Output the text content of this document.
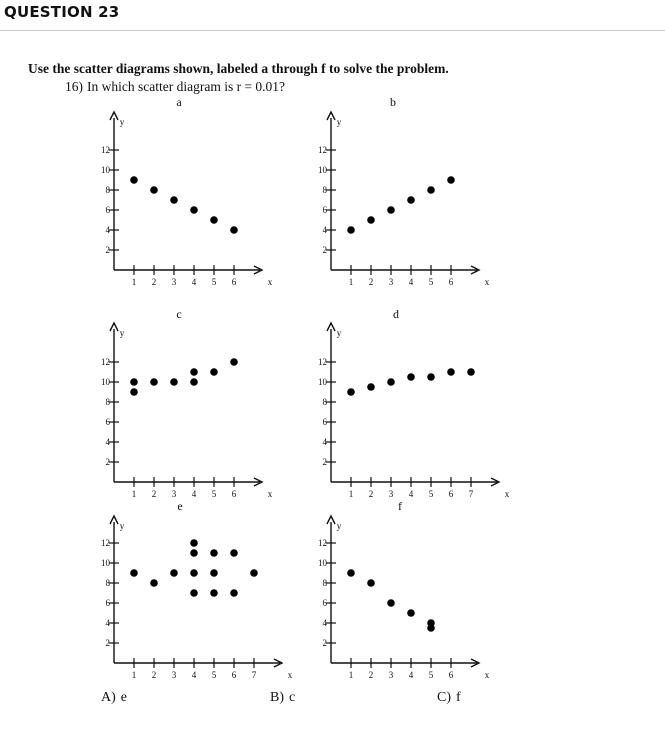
QUESTION 23
Use the scatter diagrams shown, labeled a through f to solve the problem.
16) In which scatter diagram is r = 0.01?
a
y
x
1 2 3 4 5 6
2
4
6
8
10
12
b
y
x
1 2 3 4 5 6
2
4
6
8
10
12
c
y
x
1 2 3 4 5 6
2
4
6
8
10
12
d
y
x
1 2 3 4 5 6 7
2
4
6
8
10
12
e
y
x
1 2 3 4 5 6 7
2
4
6
8
10
12
f
y
x
1 2 3 4 5 6
2
4
6
8
10
12
A) e	B) c	C) f
